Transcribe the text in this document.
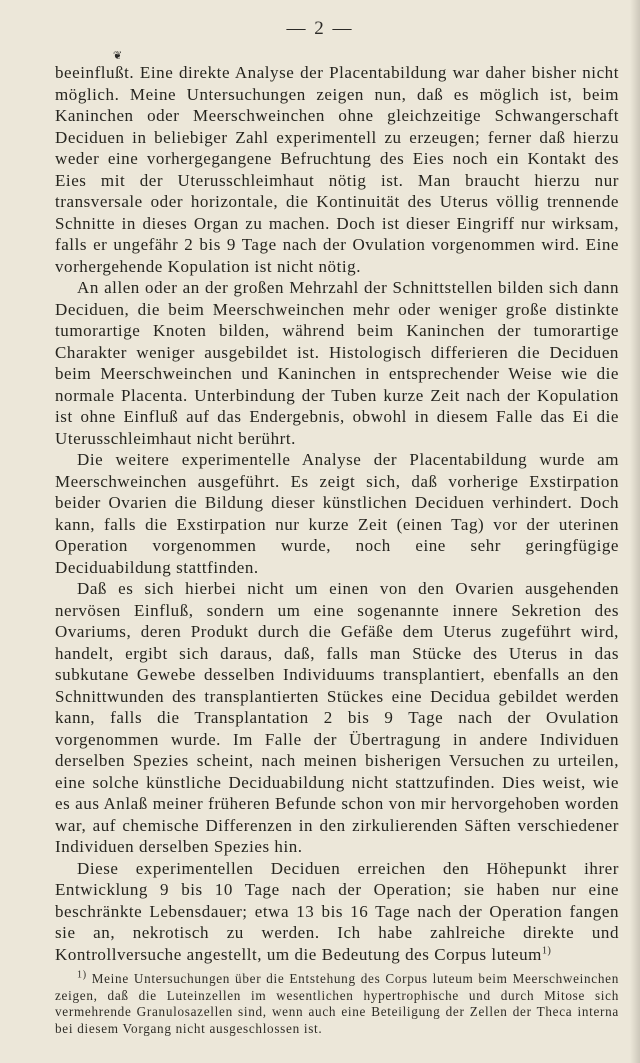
— 2 —
❦

beeinflußt. Eine direkte Analyse der Placentabildung war daher bisher nicht möglich. Meine Untersuchungen zeigen nun, daß es möglich ist, beim Kaninchen oder Meerschweinchen ohne gleichzeitige Schwangerschaft Deciduen in beliebiger Zahl experimentell zu erzeugen; ferner daß hierzu weder eine vorhergegangene Befruchtung des Eies noch ein Kontakt des Eies mit der Uterusschleimhaut nötig ist. Man braucht hierzu nur transversale oder horizontale, die Kontinuität des Uterus völlig trennende Schnitte in dieses Organ zu machen. Doch ist dieser Eingriff nur wirksam, falls er ungefähr 2 bis 9 Tage nach der Ovulation vorgenommen wird. Eine vorhergehende Kopulation ist nicht nötig.

An allen oder an der großen Mehrzahl der Schnittstellen bilden sich dann Deciduen, die beim Meerschweinchen mehr oder weniger große distinkte tumorartige Knoten bilden, während beim Kaninchen der tumorartige Charakter weniger ausgebildet ist. Histologisch differieren die Deciduen beim Meerschweinchen und Kaninchen in entsprechender Weise wie die normale Placenta. Unterbindung der Tuben kurze Zeit nach der Kopulation ist ohne Einfluß auf das Endergebnis, obwohl in diesem Falle das Ei die Uterusschleimhaut nicht berührt.

Die weitere experimentelle Analyse der Placentabildung wurde am Meerschweinchen ausgeführt. Es zeigt sich, daß vorherige Exstirpation beider Ovarien die Bildung dieser künstlichen Deciduen verhindert. Doch kann, falls die Exstirpation nur kurze Zeit (einen Tag) vor der uterinen Operation vorgenommen wurde, noch eine sehr geringfügige Deciduabildung stattfinden.

Daß es sich hierbei nicht um einen von den Ovarien ausgehenden nervösen Einfluß, sondern um eine sogenannte innere Sekretion des Ovariums, deren Produkt durch die Gefäße dem Uterus zugeführt wird, handelt, ergibt sich daraus, daß, falls man Stücke des Uterus in das subkutane Gewebe desselben Individuums transplantiert, ebenfalls an den Schnittwunden des transplantierten Stückes eine Decidua gebildet werden kann, falls die Transplantation 2 bis 9 Tage nach der Ovulation vorgenommen wurde. Im Falle der Übertragung in andere Individuen derselben Spezies scheint, nach meinen bisherigen Versuchen zu urteilen, eine solche künstliche Deciduabildung nicht stattzufinden. Dies weist, wie es aus Anlaß meiner früheren Befunde schon von mir hervorgehoben worden war, auf chemische Differenzen in den zirkulierenden Säften verschiedener Individuen derselben Spezies hin.

Diese experimentellen Deciduen erreichen den Höhepunkt ihrer Entwicklung 9 bis 10 Tage nach der Operation; sie haben nur eine beschränkte Lebensdauer; etwa 13 bis 16 Tage nach der Operation fangen sie an, nekrotisch zu werden. Ich habe zahlreiche direkte und Kontrollversuche angestellt, um die Bedeutung des Corpus luteum$^{1)}$

$^{1)}$ Meine Untersuchungen über die Entstehung des Corpus luteum beim Meerschweinchen zeigen, daß die Luteinzellen im wesentlichen hypertrophische und durch Mitose sich vermehrende Granulosazellen sind, wenn auch eine Beteiligung der Zellen der Theca interna bei diesem Vorgang nicht ausgeschlossen ist.
